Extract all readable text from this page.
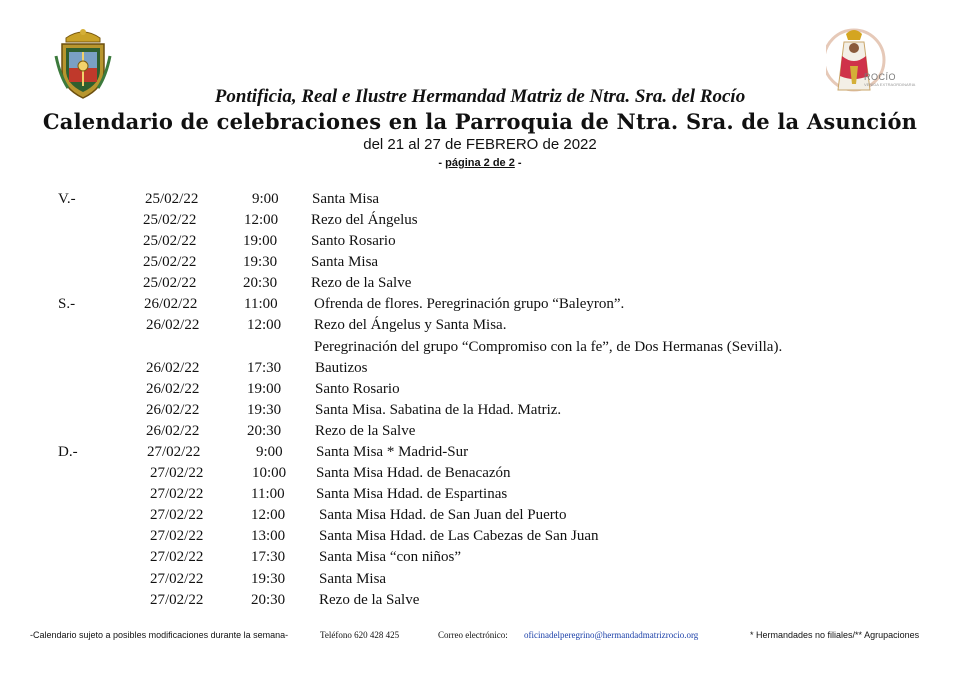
ROCÍO
VENIDA EXTRAORDINARIA
Pontificia, Real e Ilustre Hermandad Matriz de Ntra. Sra. del Rocío
Calendario de celebraciones en la Parroquia de Ntra. Sra. de la Asunción
del 21 al 27 de FEBRERO de 2022
- página 2 de 2 -
V.-	25/02/22	9:00 Santa Misa
25/02/22	12:00 Rezo del Ángelus
25/02/22	19:00 Santo Rosario
25/02/22	19:30 Santa Misa
25/02/22	20:30 Rezo de la Salve
S.-	26/02/22	11:00 Ofrenda de flores. Peregrinación grupo “Baleyron”.
26/02/22	12:00 Rezo del Ángelus y Santa Misa.
Peregrinación del grupo “Compromiso con la fe”, de Dos Hermanas (Sevilla).
26/02/22	17:30 Bautizos
26/02/22	19:00 Santo Rosario
26/02/22	19:30 Santa Misa. Sabatina de la Hdad. Matriz.
26/02/22	20:30 Rezo de la Salve
D.-	27/02/22	9:00 Santa Misa * Madrid-Sur
27/02/22	10:00 Santa Misa Hdad. de Benacazón
27/02/22	11:00 Santa Misa Hdad. de Espartinas
27/02/22	12:00 Santa Misa Hdad. de San Juan del Puerto
27/02/22	13:00 Santa Misa Hdad. de Las Cabezas de San Juan
27/02/22	17:30 Santa Misa “con niños”
27/02/22	19:30 Santa Misa
27/02/22	20:30 Rezo de la Salve
-Calendario sujeto a posibles modificaciones durante la semana-	Teléfono 620 428 425	Correo electrónico: oficinadelperegrino@hermandadmatrizrocio.org	* Hermandades no filiales/** Agrupaciones
